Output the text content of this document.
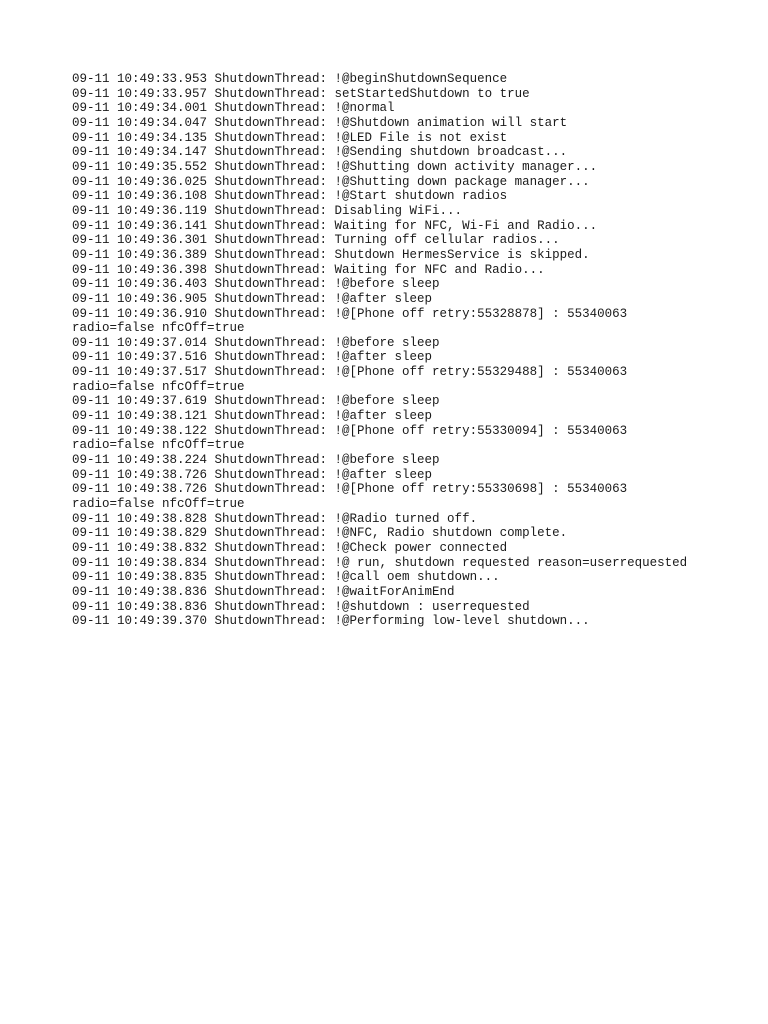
09-11 10:49:33.953 ShutdownThread: !@beginShutdownSequence

09-11 10:49:33.957 ShutdownThread: setStartedShutdown to true

09-11 10:49:34.001 ShutdownThread: !@normal

09-11 10:49:34.047 ShutdownThread: !@Shutdown animation will start

09-11 10:49:34.135 ShutdownThread: !@LED File is not exist

09-11 10:49:34.147 ShutdownThread: !@Sending shutdown broadcast...

09-11 10:49:35.552 ShutdownThread: !@Shutting down activity manager...

09-11 10:49:36.025 ShutdownThread: !@Shutting down package manager...

09-11 10:49:36.108 ShutdownThread: !@Start shutdown radios

09-11 10:49:36.119 ShutdownThread: Disabling WiFi...

09-11 10:49:36.141 ShutdownThread: Waiting for NFC, Wi-Fi and Radio...

09-11 10:49:36.301 ShutdownThread: Turning off cellular radios...

09-11 10:49:36.389 ShutdownThread: Shutdown HermesService is skipped.

09-11 10:49:36.398 ShutdownThread: Waiting for NFC and Radio...

09-11 10:49:36.403 ShutdownThread: !@before sleep

09-11 10:49:36.905 ShutdownThread: !@after sleep

09-11 10:49:36.910 ShutdownThread: !@[Phone off retry:55328878] : 55340063

radio=false nfcOff=true

09-11 10:49:37.014 ShutdownThread: !@before sleep

09-11 10:49:37.516 ShutdownThread: !@after sleep

09-11 10:49:37.517 ShutdownThread: !@[Phone off retry:55329488] : 55340063

radio=false nfcOff=true

09-11 10:49:37.619 ShutdownThread: !@before sleep

09-11 10:49:38.121 ShutdownThread: !@after sleep

09-11 10:49:38.122 ShutdownThread: !@[Phone off retry:55330094] : 55340063

radio=false nfcOff=true

09-11 10:49:38.224 ShutdownThread: !@before sleep

09-11 10:49:38.726 ShutdownThread: !@after sleep

09-11 10:49:38.726 ShutdownThread: !@[Phone off retry:55330698] : 55340063

radio=false nfcOff=true

09-11 10:49:38.828 ShutdownThread: !@Radio turned off.

09-11 10:49:38.829 ShutdownThread: !@NFC, Radio shutdown complete.

09-11 10:49:38.832 ShutdownThread: !@Check power connected

09-11 10:49:38.834 ShutdownThread: !@ run, shutdown requested reason=userrequested

09-11 10:49:38.835 ShutdownThread: !@call oem shutdown...

09-11 10:49:38.836 ShutdownThread: !@waitForAnimEnd

09-11 10:49:38.836 ShutdownThread: !@shutdown : userrequested

09-11 10:49:39.370 ShutdownThread: !@Performing low-level shutdown...
